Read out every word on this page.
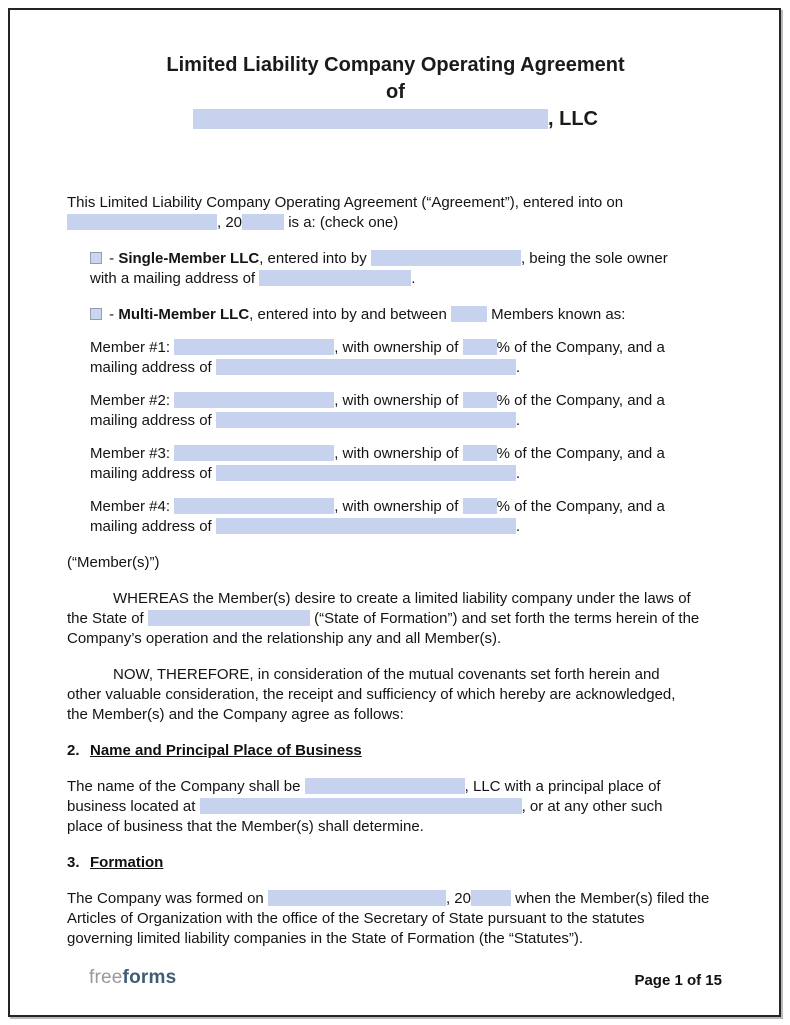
Limited Liability Company Operating Agreement
of
, LLC

This Limited Liability Company Operating Agreement (“Agreement”), entered into on
, 20	is a: (check one)

- Single-Member LLC, entered into by	, being the sole owner
with a mailing address of	.
- Multi-Member LLC, entered into by and between	Members known as:
Member #1:	, with ownership of	% of the Company, and a
mailing address of	.
Member #2:	, with ownership of	% of the Company, and a
mailing address of	.
Member #3:	, with ownership of	% of the Company, and a
mailing address of	.
Member #4:	, with ownership of	% of the Company, and a
mailing address of	.

(“Member(s)”)

WHEREAS the Member(s) desire to create a limited liability company under the laws of
the State of	(“State of Formation”) and set forth the terms herein of the
Company’s operation and the relationship any and all Member(s).

NOW, THEREFORE, in consideration of the mutual covenants set forth herein and
other valuable consideration, the receipt and sufficiency of which hereby are acknowledged,
the Member(s) and the Company agree as follows:

2. Name and Principal Place of Business

The name of the Company shall be	, LLC with a principal place of
business located at	, or at any other such
place of business that the Member(s) shall determine.

3. Formation

The Company was formed on	, 20	when the Member(s) filed the
Articles of Organization with the office of the Secretary of State pursuant to the statutes
governing limited liability companies in the State of Formation (the “Statutes”).

freeforms	Page 1 of 15
